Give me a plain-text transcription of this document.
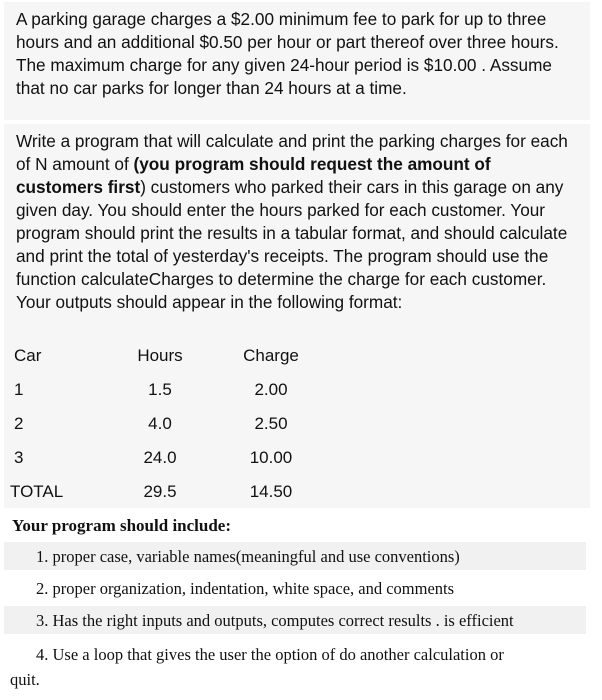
A parking garage charges a $2.00 minimum fee to park for up to three hours and an additional $0.50 per hour or part thereof over three hours. The maximum charge for any given 24-hour period is $10.00 . Assume that no car parks for longer than 24 hours at a time.

Write a program that will calculate and print the parking charges for each of N amount of (you program should request the amount of customers first) customers who parked their cars in this garage on any given day. You should enter the hours parked for each customer. Your program should print the results in a tabular format, and should calculate and print the total of yesterday's receipts. The program should use the function calculateCharges to determine the charge for each customer. Your outputs should appear in the following format:

Car	Hours	Charge
1	1.5	2.00
2	4.0	2.50
3	24.0	10.00
TOTAL	29.5	14.50
Your program should include:
1. proper case, variable names(meaningful and use conventions)
2. proper organization, indentation, white space, and comments
3. Has the right inputs and outputs, computes correct results . is efficient
4. Use a loop that gives the user the option of do another calculation or
quit.
